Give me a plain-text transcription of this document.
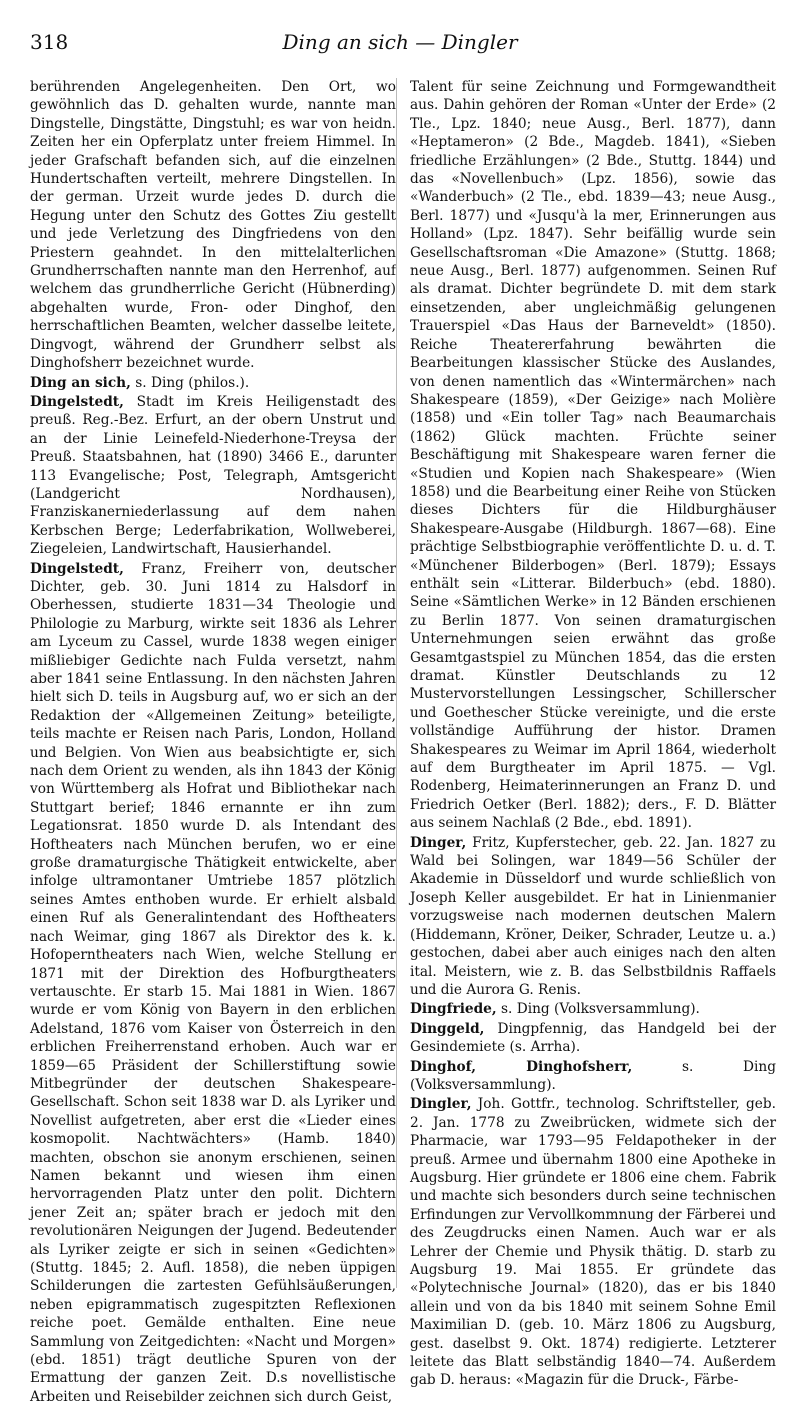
318	Ding an sich — Dingler

berührenden Angelegenheiten. Den Ort, wo gewöhnlich das D. gehalten wurde, nannte man Dingstelle, Dingstätte, Dingstuhl; es war von heidn. Zeiten her ein Opferplatz unter freiem Himmel. In jeder Grafschaft befanden sich, auf die einzelnen Hundertschaften verteilt, mehrere Dingstellen. In der german. Urzeit wurde jedes D. durch die Hegung unter den Schutz des Gottes Ziu gestellt und jede Verletzung des Dingfriedens von den Priestern geahndet. In den mittelalterlichen Grundherrschaften nannte man den Herrenhof, auf welchem das grundherrliche Gericht (Hübnerding) abgehalten wurde, Fron- oder Dinghof, den herrschaftlichen Beamten, welcher dasselbe leitete, Dingvogt, während der Grundherr selbst als Dinghofsherr bezeichnet wurde.

Ding an sich, s. Ding (philos.).

Dingelstedt, Stadt im Kreis Heiligenstadt des preuß. Reg.-Bez. Erfurt, an der obern Unstrut und an der Linie Leinefeld-Niederhone-Treysa der Preuß. Staatsbahnen, hat (1890) 3466 E., darunter 113 Evangelische; Post, Telegraph, Amtsgericht (Landgericht Nordhausen), Franziskanerniederlassung auf dem nahen Kerbschen Berge; Lederfabrikation, Wollweberei, Ziegeleien, Landwirtschaft, Hausierhandel.

Dingelstedt, Franz, Freiherr von, deutscher Dichter, geb. 30. Juni 1814 zu Halsdorf in Oberhessen, studierte 1831—34 Theologie und Philologie zu Marburg, wirkte seit 1836 als Lehrer am Lyceum zu Cassel, wurde 1838 wegen einiger mißliebiger Gedichte nach Fulda versetzt, nahm aber 1841 seine Entlassung. In den nächsten Jahren hielt sich D. teils in Augsburg auf, wo er sich an der Redaktion der «Allgemeinen Zeitung» beteiligte, teils machte er Reisen nach Paris, London, Holland und Belgien. Von Wien aus beabsichtigte er, sich nach dem Orient zu wenden, als ihn 1843 der König von Württemberg als Hofrat und Bibliothekar nach Stuttgart berief; 1846 ernannte er ihn zum Legationsrat. 1850 wurde D. als Intendant des Hoftheaters nach München berufen, wo er eine große dramaturgische Thätigkeit entwickelte, aber infolge ultramontaner Umtriebe 1857 plötzlich seines Amtes enthoben wurde. Er erhielt alsbald einen Ruf als Generalintendant des Hoftheaters nach Weimar, ging 1867 als Direktor des k. k. Hofoperntheaters nach Wien, welche Stellung er 1871 mit der Direktion des Hofburgtheaters vertauschte. Er starb 15. Mai 1881 in Wien. 1867 wurde er vom König von Bayern in den erblichen Adelstand, 1876 vom Kaiser von Österreich in den erblichen Freiherrenstand erhoben. Auch war er 1859—65 Präsident der Schillerstiftung sowie Mitbegründer der deutschen Shakespeare-Gesellschaft. Schon seit 1838 war D. als Lyriker und Novellist aufgetreten, aber erst die «Lieder eines kosmopolit. Nachtwächters» (Hamb. 1840) machten, obschon sie anonym erschienen, seinen Namen bekannt und wiesen ihm einen hervorragenden Platz unter den polit. Dichtern jener Zeit an; später brach er jedoch mit den revolutionären Neigungen der Jugend. Bedeutender als Lyriker zeigte er sich in seinen «Gedichten» (Stuttg. 1845; 2. Aufl. 1858), die neben üppigen Schilderungen die zartesten Gefühlsäußerungen, neben epigrammatisch zugespitzten Reflexionen reiche poet. Gemälde enthalten. Eine neue Sammlung von Zeitgedichten: «Nacht und Morgen» (ebd. 1851) trägt deutliche Spuren von der Ermattung der ganzen Zeit. D.s novellistische Arbeiten und Reisebilder zeichnen sich durch Geist,

Talent für seine Zeichnung und Formgewandtheit aus. Dahin gehören der Roman «Unter der Erde» (2 Tle., Lpz. 1840; neue Ausg., Berl. 1877), dann «Heptameron» (2 Bde., Magdeb. 1841), «Sieben friedliche Erzählungen» (2 Bde., Stuttg. 1844) und das «Novellenbuch» (Lpz. 1856), sowie das «Wanderbuch» (2 Tle., ebd. 1839—43; neue Ausg., Berl. 1877) und «Jusqu'à la mer, Erinnerungen aus Holland» (Lpz. 1847). Sehr beifällig wurde sein Gesellschaftsroman «Die Amazone» (Stuttg. 1868; neue Ausg., Berl. 1877) aufgenommen. Seinen Ruf als dramat. Dichter begründete D. mit dem stark einsetzenden, aber ungleichmäßig gelungenen Trauerspiel «Das Haus der Barneveldt» (1850). Reiche Theatererfahrung bewährten die Bearbeitungen klassischer Stücke des Auslandes, von denen namentlich das «Wintermärchen» nach Shakespeare (1859), «Der Geizige» nach Molière (1858) und «Ein toller Tag» nach Beaumarchais (1862) Glück machten. Früchte seiner Beschäftigung mit Shakespeare waren ferner die «Studien und Kopien nach Shakespeare» (Wien 1858) und die Bearbeitung einer Reihe von Stücken dieses Dichters für die Hildburghäuser Shakespeare-Ausgabe (Hildburgh. 1867—68). Eine prächtige Selbstbiographie veröffentlichte D. u. d. T. «Münchener Bilderbogen» (Berl. 1879); Essays enthält sein «Litterar. Bilderbuch» (ebd. 1880). Seine «Sämtlichen Werke» in 12 Bänden erschienen zu Berlin 1877. Von seinen dramaturgischen Unternehmungen seien erwähnt das große Gesamtgastspiel zu München 1854, das die ersten dramat. Künstler Deutschlands zu 12 Mustervorstellungen Lessingscher, Schillerscher und Goethescher Stücke vereinigte, und die erste vollständige Aufführung der histor. Dramen Shakespeares zu Weimar im April 1864, wiederholt auf dem Burgtheater im April 1875. — Vgl. Rodenberg, Heimaterinnerungen an Franz D. und Friedrich Oetker (Berl. 1882); ders., F. D. Blätter aus seinem Nachlaß (2 Bde., ebd. 1891).

Dinger, Fritz, Kupferstecher, geb. 22. Jan. 1827 zu Wald bei Solingen, war 1849—56 Schüler der Akademie in Düsseldorf und wurde schließlich von Joseph Keller ausgebildet. Er hat in Linienmanier vorzugsweise nach modernen deutschen Malern (Hiddemann, Kröner, Deiker, Schrader, Leutze u. a.) gestochen, dabei aber auch einiges nach den alten ital. Meistern, wie z. B. das Selbstbildnis Raffaels und die Aurora G. Renis.

Dingfriede, s. Ding (Volksversammlung).

Dinggeld, Dingpfennig, das Handgeld bei der Gesindemiete (s. Arrha).

Dinghof, Dinghofsherr, s. Ding (Volksversammlung).

Dingler, Joh. Gottfr., technolog. Schriftsteller, geb. 2. Jan. 1778 zu Zweibrücken, widmete sich der Pharmacie, war 1793—95 Feldapotheker in der preuß. Armee und übernahm 1800 eine Apotheke in Augsburg. Hier gründete er 1806 eine chem. Fabrik und machte sich besonders durch seine technischen Erfindungen zur Vervollkommnung der Färberei und des Zeugdrucks einen Namen. Auch war er als Lehrer der Chemie und Physik thätig. D. starb zu Augsburg 19. Mai 1855. Er gründete das «Polytechnische Journal» (1820), das er bis 1840 allein und von da bis 1840 mit seinem Sohne Emil Maximilian D. (geb. 10. März 1806 zu Augsburg, gest. daselbst 9. Okt. 1874) redigierte. Letzterer leitete das Blatt selbständig 1840—74. Außerdem gab D. heraus: «Magazin für die Druck-, Färbe-
